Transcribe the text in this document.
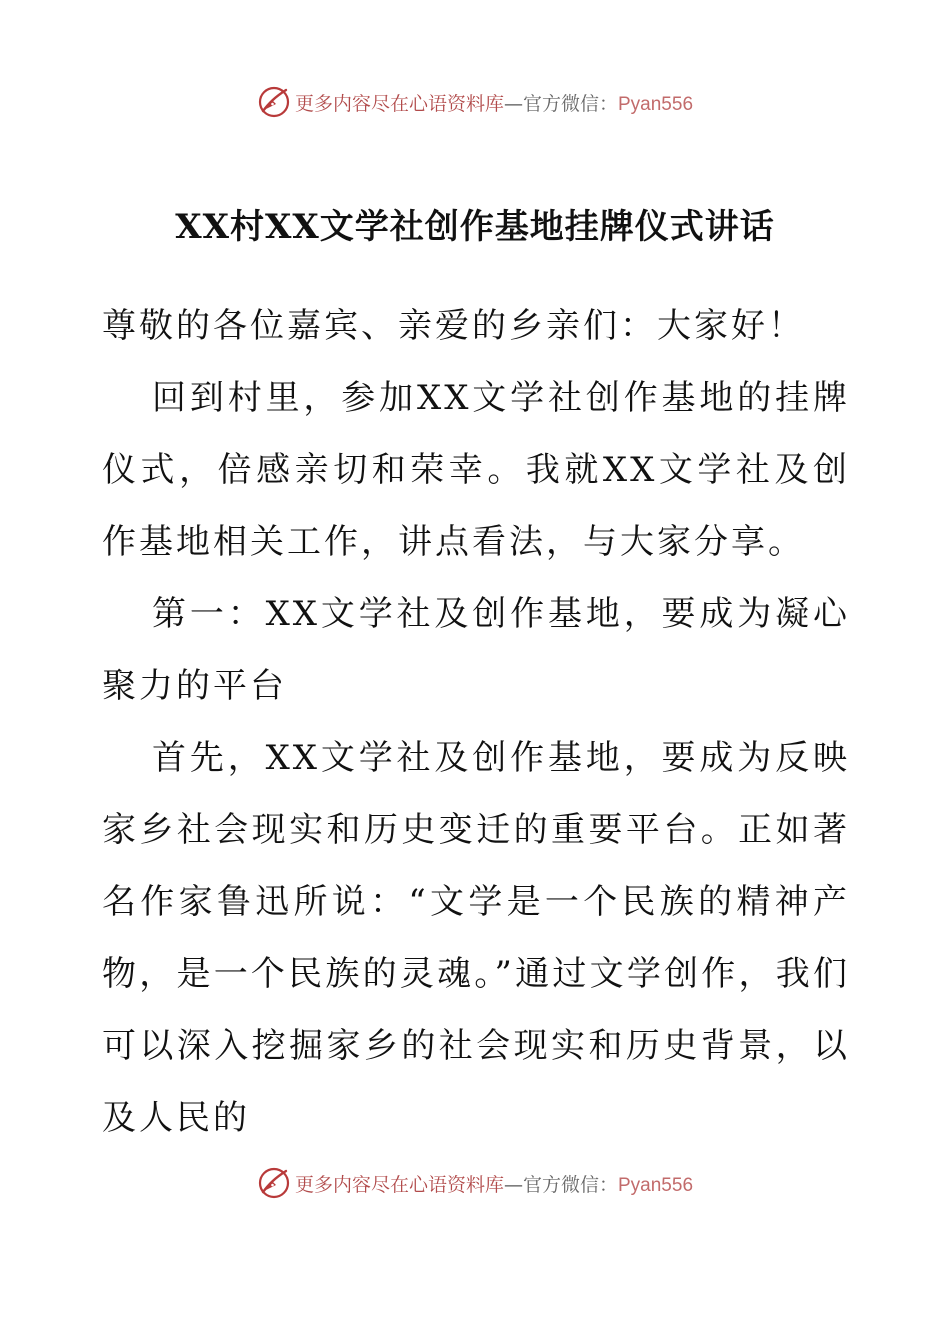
更多内容尽在心语资料库—官方微信：Pyan556
XX村XX文学社创作基地挂牌仪式讲话

尊敬的各位嘉宾、亲爱的乡亲们：大家好！

回到村里，参加XX文学社创作基地的挂牌仪式，倍感亲切和荣幸。我就XX文学社及创作基地相关工作，讲点看法，与大家分享。

第一：XX文学社及创作基地，要成为凝心聚力的平台

首先，XX文学社及创作基地，要成为反映家乡社会现实和历史变迁的重要平台。正如著名作家鲁迅所说：“文学是一个民族的精神产物，是一个民族的灵魂。”通过文学创作，我们可以深入挖掘家乡的社会现实和历史背景，以及人民的

更多内容尽在心语资料库—官方微信：Pyan556
